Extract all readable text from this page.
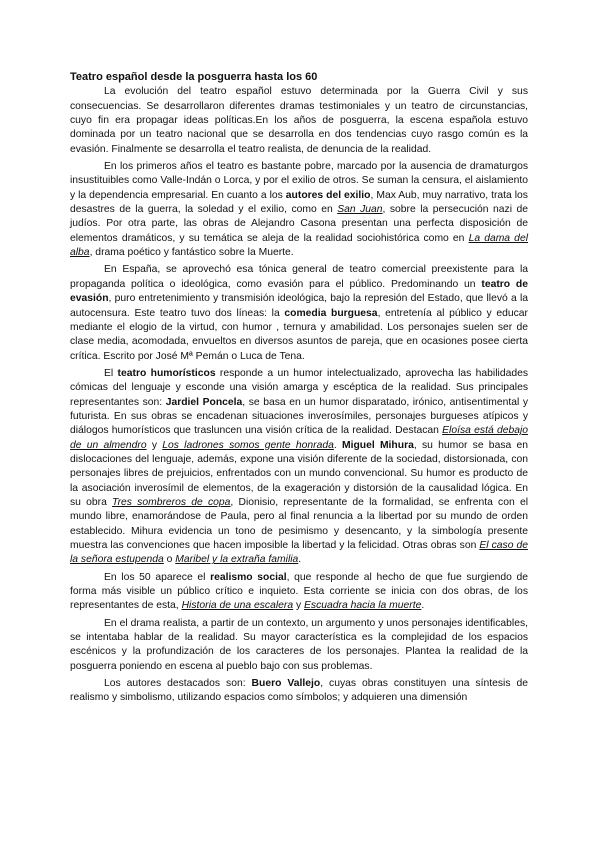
Teatro español desde la posguerra hasta los 60

La evolución del teatro español estuvo determinada por la Guerra Civil y sus consecuencias. Se desarrollaron diferentes dramas testimoniales y un teatro de circunstancias, cuyo fin era propagar ideas políticas.En los años de posguerra, la escena española estuvo dominada por un teatro nacional que se desarrolla en dos tendencias cuyo rasgo común es la evasión. Finalmente se desarrolla el teatro realista, de denuncia de la realidad.

En los primeros años el teatro es bastante pobre, marcado por la ausencia de dramaturgos insustituibles como Valle-Indán o Lorca, y por el exilio de otros. Se suman la censura, el aislamiento y la dependencia empresarial. En cuanto a los autores del exilio, Max Aub, muy narrativo, trata los desastres de la guerra, la soledad y el exilio, como en San Juan, sobre la persecución nazi de judíos. Por otra parte, las obras de Alejandro Casona presentan una perfecta disposición de elementos dramáticos, y su temática se aleja de la realidad sociohistórica como en La dama del alba, drama poético y fantástico sobre la Muerte.

En España, se aprovechó esa tónica general de teatro comercial preexistente para la propaganda política o ideológica, como evasión para el público. Predominando un teatro de evasión, puro entretenimiento y transmisión ideológica, bajo la represión del Estado, que llevó a la autocensura. Este teatro tuvo dos líneas: la comedia burguesa, entretenía al público y educar mediante el elogio de la virtud, con humor , ternura y amabilidad. Los personajes suelen ser de clase media, acomodada, envueltos en diversos asuntos de pareja, que en ocasiones posee cierta crítica. Escrito por José Mª Pemán o Luca de Tena.

El teatro humorísticos responde a un humor intelectualizado, aprovecha las habilidades cómicas del lenguaje y esconde una visión amarga y escéptica de la realidad. Sus principales representantes son: Jardiel Poncela, se basa en un humor disparatado, irónico, antisentimental y futurista. En sus obras se encadenan situaciones inverosímiles, personajes burgueses atípicos y diálogos humorísticos que trasluncen una visión crítica de la realidad. Destacan Eloísa está debajo de un almendro y Los ladrones somos gente honrada. Miguel Mihura, su humor se basa en dislocaciones del lenguaje, además, expone una visión diferente de la sociedad, distorsionada, con personajes libres de prejuicios, enfrentados con un mundo convencional. Su humor es producto de la asociación inverosímil de elementos, de la exageración y distorsión de la causalidad lógica. En su obra Tres sombreros de copa, Dionisio, representante de la formalidad, se enfrenta con el mundo libre, enamorándose de Paula, pero al final renuncia a la libertad por su mundo de orden establecido. Mihura evidencia un tono de pesimismo y desencanto, y la simbología presente muestra las convenciones que hacen imposible la libertad y la felicidad. Otras obras son El caso de la señora estupenda o Maribel y la extraña familia.

En los 50 aparece el realismo social, que responde al hecho de que fue surgiendo de forma más visible un público crítico e inquieto. Esta corriente se inicia con dos obras, de los representantes de esta, Historia de una escalera y Escuadra hacia la muerte.

En el drama realista, a partir de un contexto, un argumento y unos personajes identificables, se intentaba hablar de la realidad. Su mayor característica es la complejidad de los espacios escénicos y la profundización de los caracteres de los personajes. Plantea la realidad de la posguerra poniendo en escena al pueblo bajo con sus problemas.

Los autores destacados son: Buero Vallejo, cuyas obras constituyen una síntesis de realismo y simbolismo, utilizando espacios como símbolos; y adquieren una dimensión
